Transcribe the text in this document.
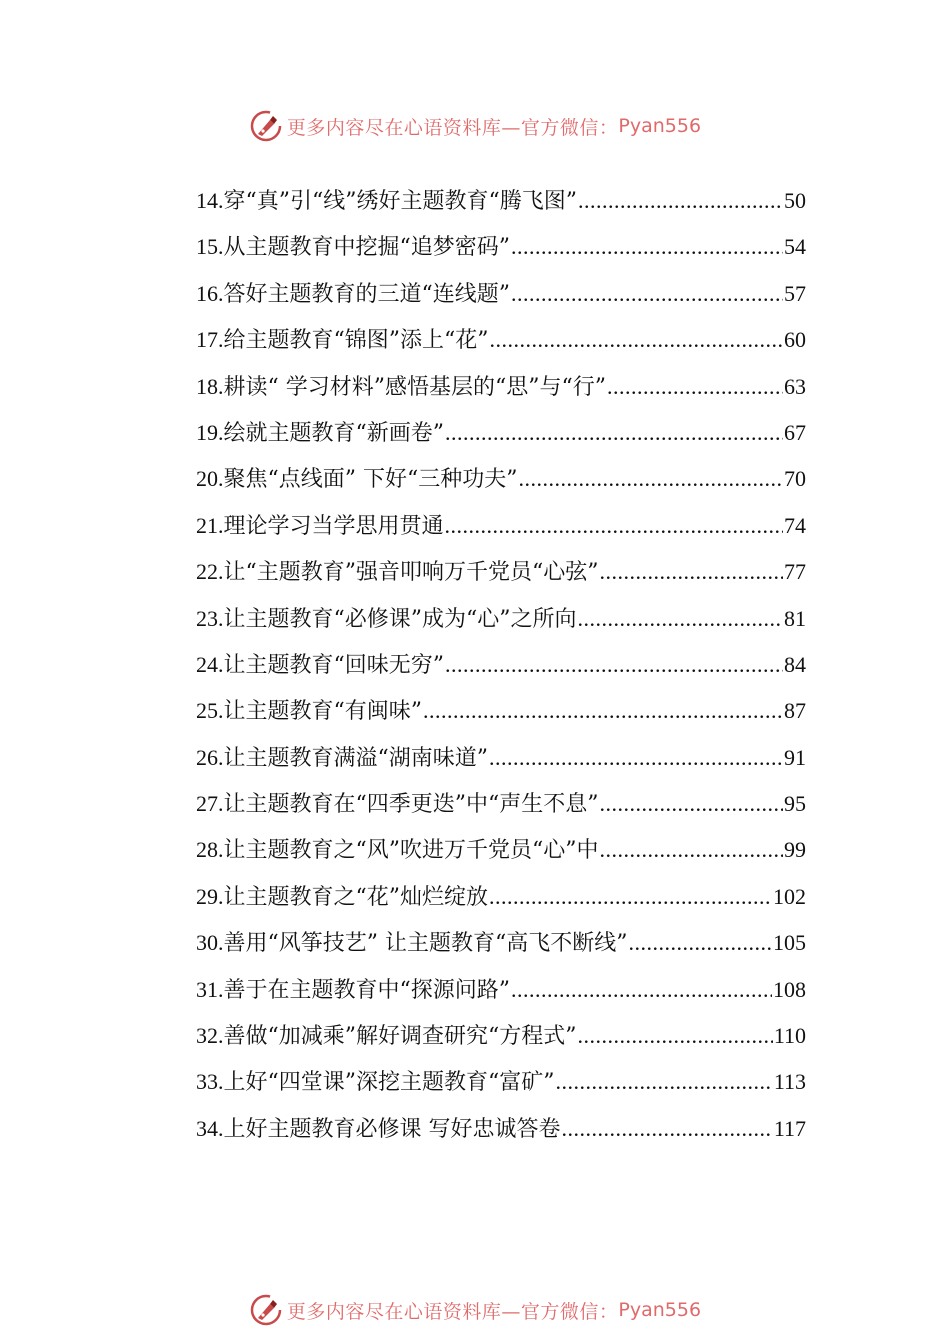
更多内容尽在心语资料库—官方微信： Pyan556
14. 穿“真”引“线”绣好主题教育“腾飞图” .....	50
15. 从主题教育中挖掘“追梦密码” .....	54
16. 答好主题教育的三道“连线题” .....	57
17. 给主题教育“锦图”添上“花” .....	60
18. 耕读“ 学习材料”感悟基层的“思”与“行” .....	63
19. 绘就主题教育“新画卷” .....	67
20. 聚焦“点线面” 下好“三种功夫” .....	70
21. 理论学习当学思用贯通 .....	74
22. 让“主题教育”强音叩响万千党员“心弦” .....	77
23. 让主题教育“必修课”成为“心”之所向 .....	81
24. 让主题教育“回味无穷” .....	84
25. 让主题教育“有闽味” .....	87
26. 让主题教育满溢“湖南味道” .....	91
27. 让主题教育在“四季更迭”中“声生不息” .....	95
28. 让主题教育之“风”吹进万千党员“心”中 .....	99
29. 让主题教育之“花”灿烂绽放 .....	102
30. 善用“风筝技艺” 让主题教育“高飞不断线” .....	105
31. 善于在主题教育中“探源问路” .....	108
32. 善做“加减乘”解好调查研究“方程式” .....	110
33. 上好“四堂课”深挖主题教育“富矿” .....	113
34. 上好主题教育必修课 写好忠诚答卷 .....	117
更多内容尽在心语资料库—官方微信： Pyan556
